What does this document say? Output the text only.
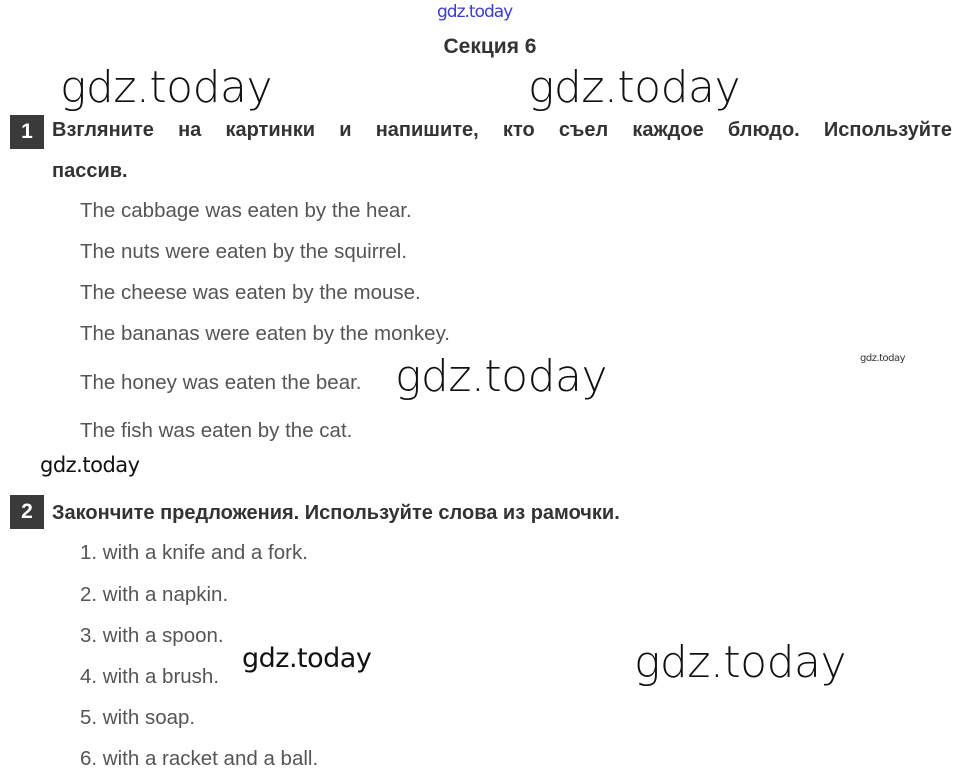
gdz.today
Секция 6
gdz.today	gdz.today
1 Взгляните на картинки и напишите, кто съел каждое блюдо. Используйте
пассив.
The cabbage was eaten by the hear.
The nuts were eaten by the squirrel.
The cheese was eaten by the mouse.
The bananas were eaten by the monkey.
The honey was eaten the bear.
The fish was eaten by the cat.
gdz.today	gdz.today
gdz.today
2 Закончите предложения. Используйте слова из рамочки.
1. with a knife and a fork.
2. with a napkin.
3. with a spoon.
4. with a brush.
5. with soap.
6. with a racket and a ball.
gdz.today	gdz.today
